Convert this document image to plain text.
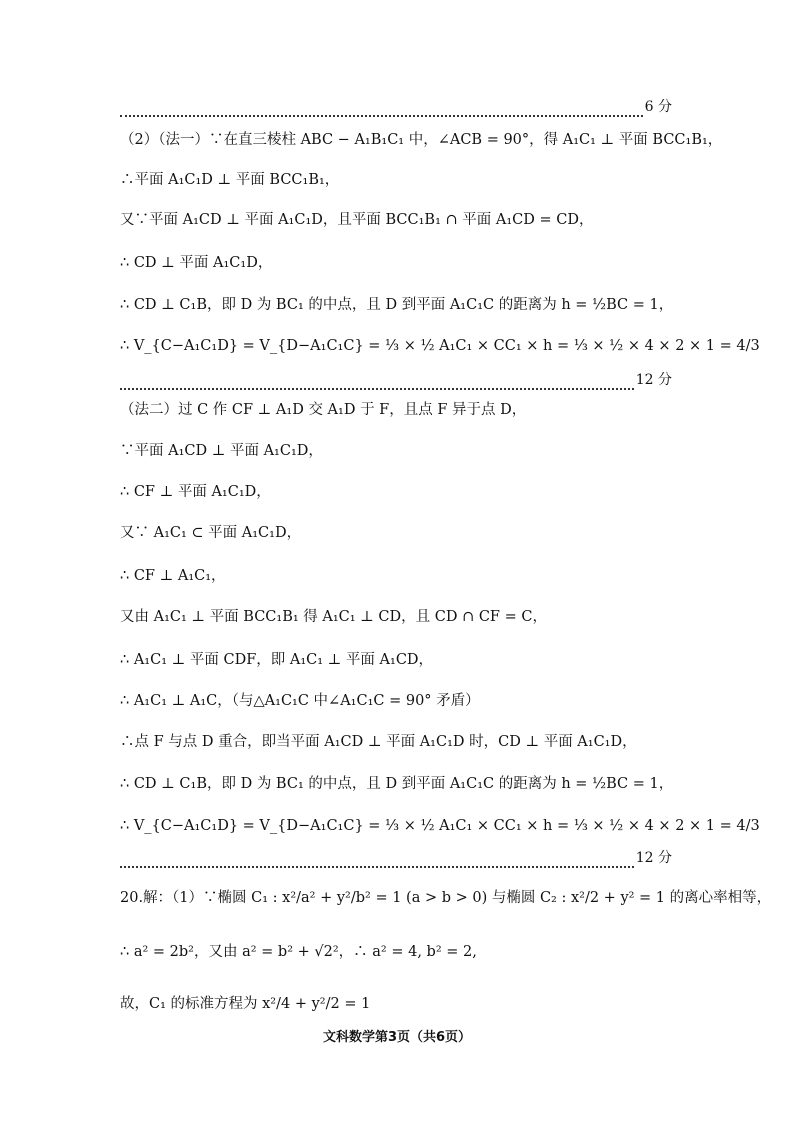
6 分
（2）（法一）∵在直三棱柱 ABC − A₁B₁C₁ 中，∠ACB = 90°，得 A₁C₁ ⊥ 平面 BCC₁B₁，
∴平面 A₁C₁D ⊥ 平面 BCC₁B₁，
又∵平面 A₁CD ⊥ 平面 A₁C₁D，且平面 BCC₁B₁ ∩ 平面 A₁CD = CD，
∴ CD ⊥ 平面 A₁C₁D，
∴ CD ⊥ C₁B，即 D 为 BC₁ 的中点，且 D 到平面 A₁C₁C 的距离为 h = ½BC = 1，
∴ V_{C−A₁C₁D} = V_{D−A₁C₁C} = ⅓ × ½ A₁C₁ × CC₁ × h = ⅓ × ½ × 4 × 2 × 1 = 4/3
12 分
（法二）过 C 作 CF ⊥ A₁D 交 A₁D 于 F，且点 F 异于点 D，
∵平面 A₁CD ⊥ 平面 A₁C₁D，
∴ CF ⊥ 平面 A₁C₁D，
又∵ A₁C₁ ⊂ 平面 A₁C₁D，
∴ CF ⊥ A₁C₁，
又由 A₁C₁ ⊥ 平面 BCC₁B₁ 得 A₁C₁ ⊥ CD，且 CD ∩ CF = C，
∴ A₁C₁ ⊥ 平面 CDF，即 A₁C₁ ⊥ 平面 A₁CD，
∴ A₁C₁ ⊥ A₁C，（与△A₁C₁C 中∠A₁C₁C = 90° 矛盾）
∴点 F 与点 D 重合，即当平面 A₁CD ⊥ 平面 A₁C₁D 时，CD ⊥ 平面 A₁C₁D，
∴ CD ⊥ C₁B，即 D 为 BC₁ 的中点，且 D 到平面 A₁C₁C 的距离为 h = ½BC = 1，
∴ V_{C−A₁C₁D} = V_{D−A₁C₁C} = ⅓ × ½ A₁C₁ × CC₁ × h = ⅓ × ½ × 4 × 2 × 1 = 4/3
12 分
20.解：（1）∵椭圆 C₁ : x²/a² + y²/b² = 1 (a > b > 0) 与椭圆 C₂ : x²/2 + y² = 1 的离心率相等，
∴ a² = 2b²，又由 a² = b² + √2²，∴ a² = 4, b² = 2,
故，C₁ 的标准方程为 x²/4 + y²/2 = 1
文科数学第3页（共6页）
